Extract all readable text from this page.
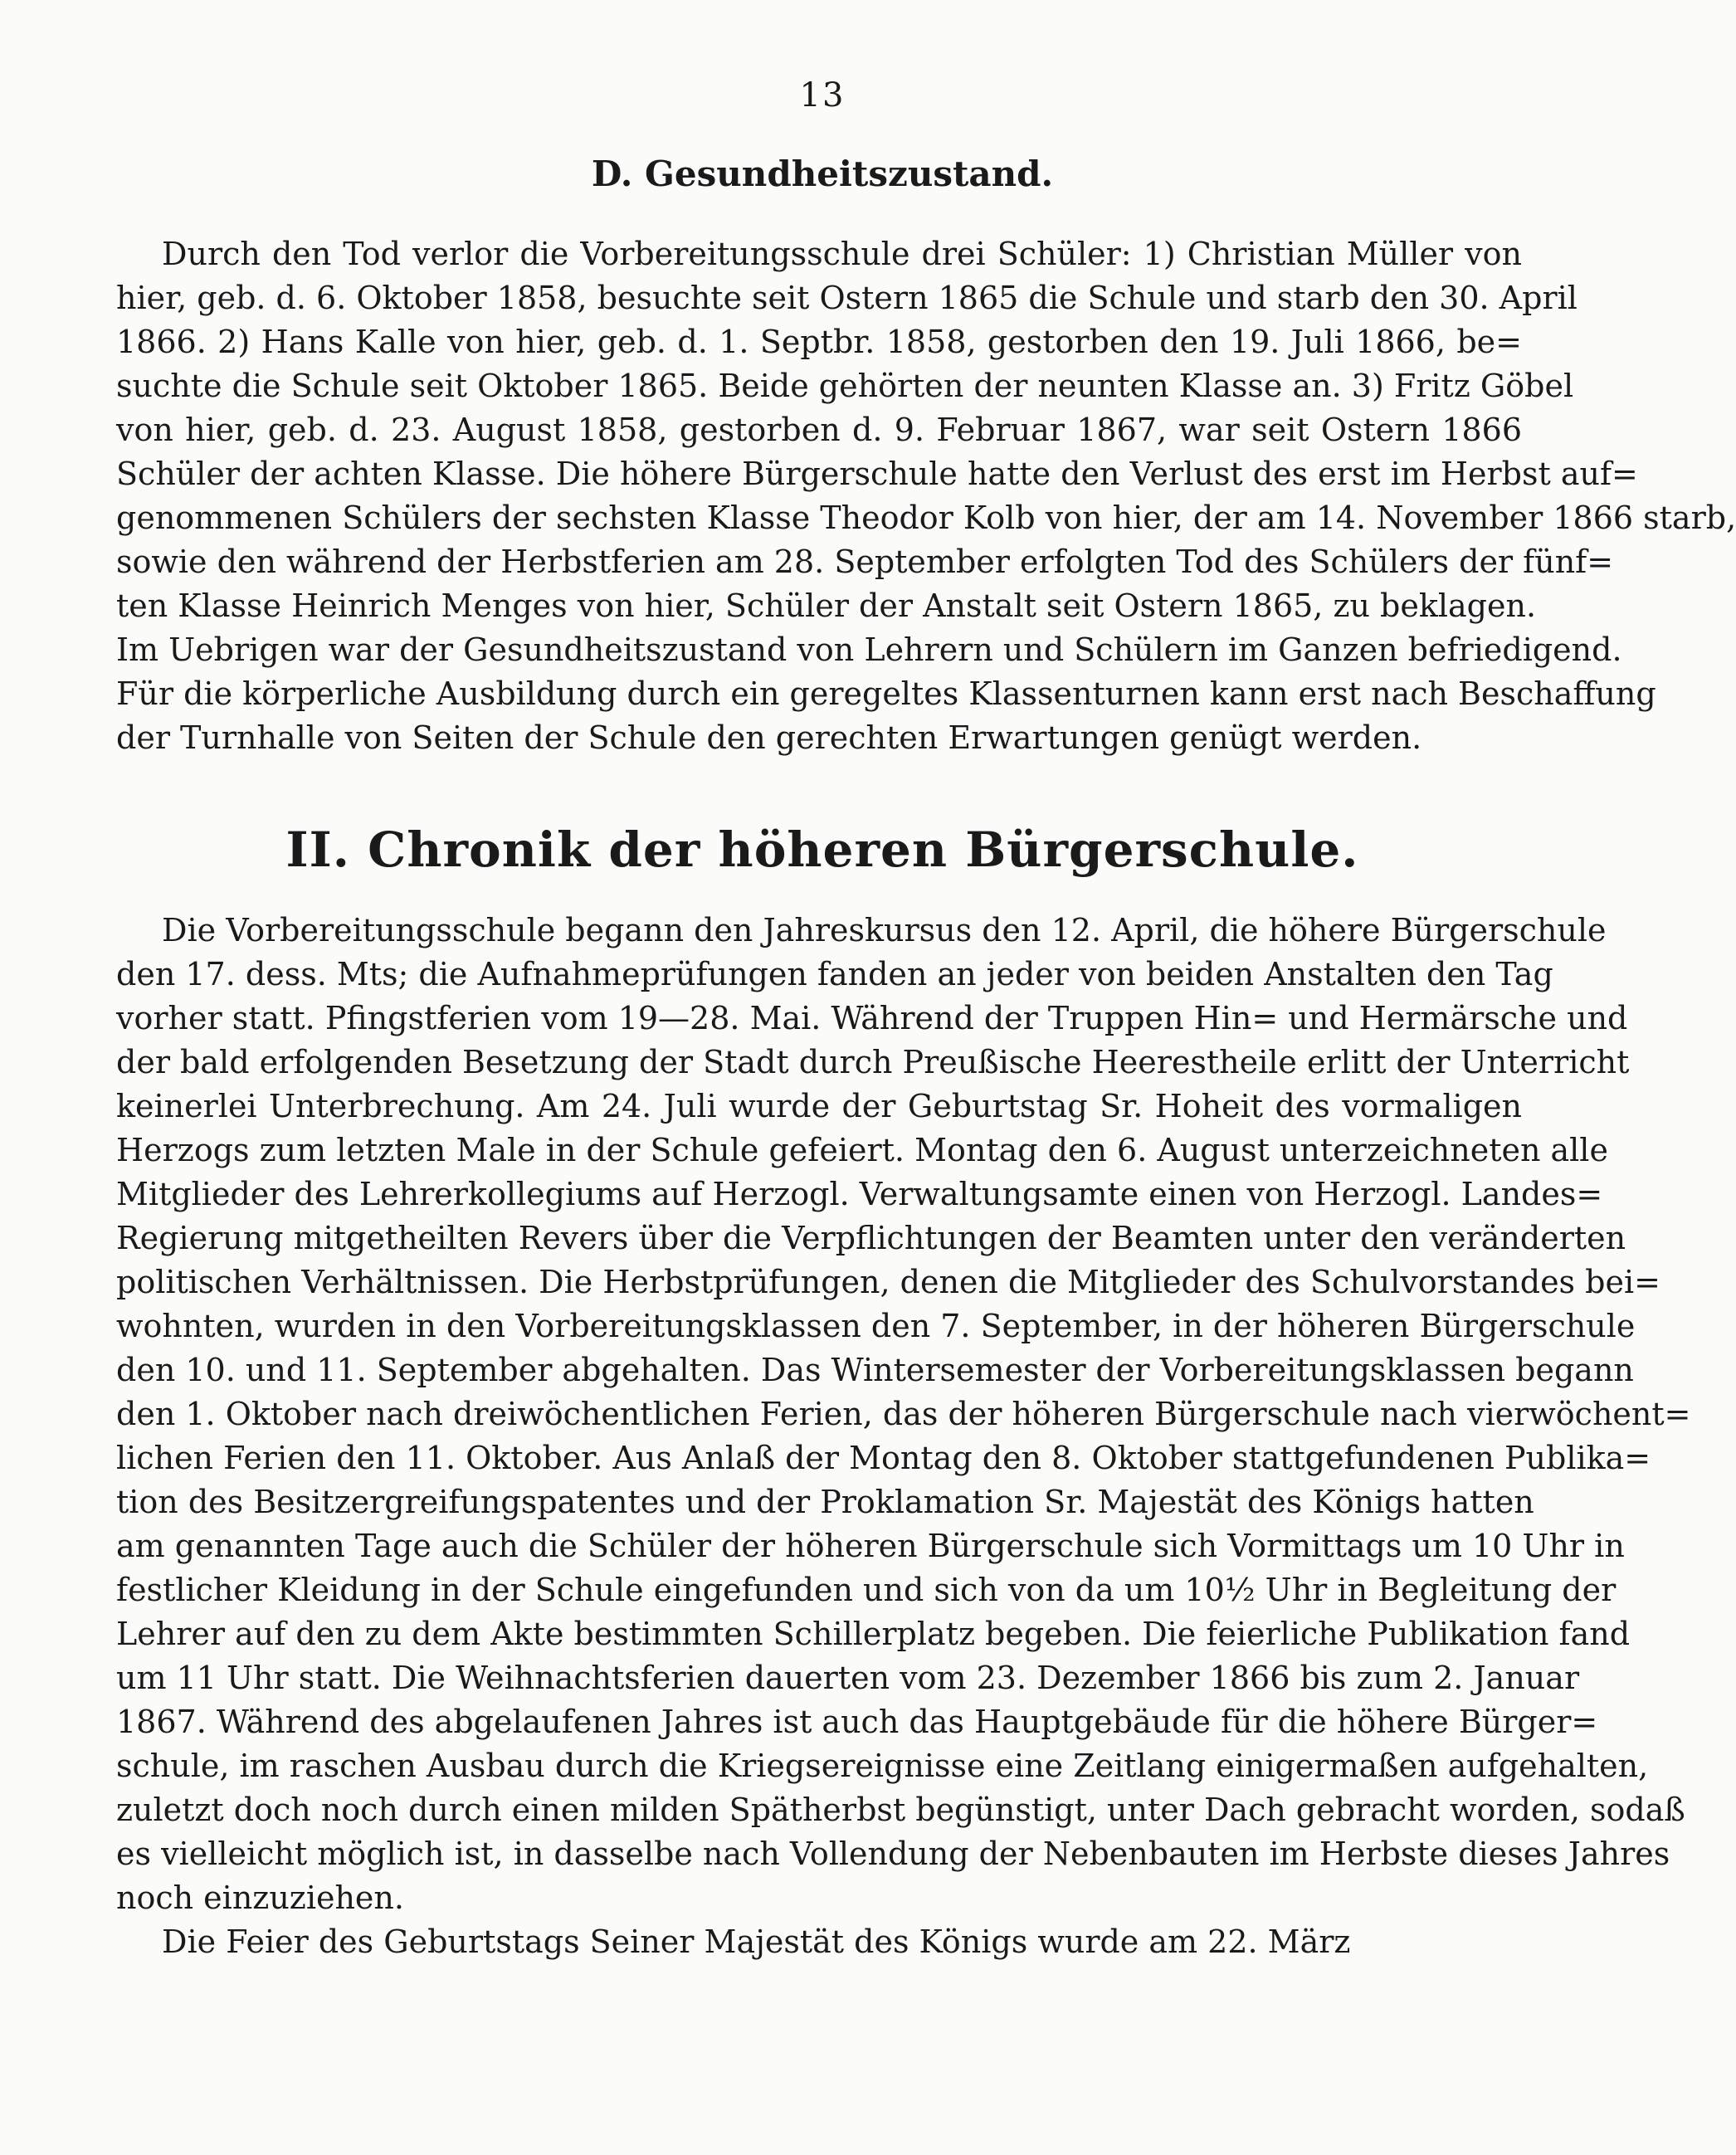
13
D. Gesundheitszustand.
Durch den Tod verlor die Vorbereitungsschule drei Schüler: 1) Christian Müller von
hier, geb. d. 6. Oktober 1858, besuchte seit Ostern 1865 die Schule und starb den 30. April
1866. 2) Hans Kalle von hier, geb. d. 1. Septbr. 1858, gestorben den 19. Juli 1866, be=
suchte die Schule seit Oktober 1865. Beide gehörten der neunten Klasse an. 3) Fritz Göbel
von hier, geb. d. 23. August 1858, gestorben d. 9. Februar 1867, war seit Ostern 1866
Schüler der achten Klasse. Die höhere Bürgerschule hatte den Verlust des erst im Herbst auf=
genommenen Schülers der sechsten Klasse Theodor Kolb von hier, der am 14. November 1866 starb,
sowie den während der Herbstferien am 28. September erfolgten Tod des Schülers der fünf=
ten Klasse Heinrich Menges von hier, Schüler der Anstalt seit Ostern 1865, zu beklagen.
Im Uebrigen war der Gesundheitszustand von Lehrern und Schülern im Ganzen befriedigend.
Für die körperliche Ausbildung durch ein geregeltes Klassenturnen kann erst nach Beschaffung
der Turnhalle von Seiten der Schule den gerechten Erwartungen genügt werden.
II. Chronik der höheren Bürgerschule.
Die Vorbereitungsschule begann den Jahreskursus den 12. April, die höhere Bürgerschule
den 17. dess. Mts; die Aufnahmeprüfungen fanden an jeder von beiden Anstalten den Tag
vorher statt. Pfingstferien vom 19—28. Mai. Während der Truppen Hin= und Hermärsche und
der bald erfolgenden Besetzung der Stadt durch Preußische Heerestheile erlitt der Unterricht
keinerlei Unterbrechung. Am 24. Juli wurde der Geburtstag Sr. Hoheit des vormaligen
Herzogs zum letzten Male in der Schule gefeiert. Montag den 6. August unterzeichneten alle
Mitglieder des Lehrerkollegiums auf Herzogl. Verwaltungsamte einen von Herzogl. Landes=
Regierung mitgetheilten Revers über die Verpflichtungen der Beamten unter den veränderten
politischen Verhältnissen. Die Herbstprüfungen, denen die Mitglieder des Schulvorstandes bei=
wohnten, wurden in den Vorbereitungsklassen den 7. September, in der höheren Bürgerschule
den 10. und 11. September abgehalten. Das Wintersemester der Vorbereitungsklassen begann
den 1. Oktober nach dreiwöchentlichen Ferien, das der höheren Bürgerschule nach vierwöchent=
lichen Ferien den 11. Oktober. Aus Anlaß der Montag den 8. Oktober stattgefundenen Publika=
tion des Besitzergreifungspatentes und der Proklamation Sr. Majestät des Königs hatten
am genannten Tage auch die Schüler der höheren Bürgerschule sich Vormittags um 10 Uhr in
festlicher Kleidung in der Schule eingefunden und sich von da um 10½ Uhr in Begleitung der
Lehrer auf den zu dem Akte bestimmten Schillerplatz begeben. Die feierliche Publikation fand
um 11 Uhr statt. Die Weihnachtsferien dauerten vom 23. Dezember 1866 bis zum 2. Januar
1867. Während des abgelaufenen Jahres ist auch das Hauptgebäude für die höhere Bürger=
schule, im raschen Ausbau durch die Kriegsereignisse eine Zeitlang einigermaßen aufgehalten,
zuletzt doch noch durch einen milden Spätherbst begünstigt, unter Dach gebracht worden, sodaß
es vielleicht möglich ist, in dasselbe nach Vollendung der Nebenbauten im Herbste dieses Jahres
noch einzuziehen.
Die Feier des Geburtstags Seiner Majestät des Königs wurde am 22. März
